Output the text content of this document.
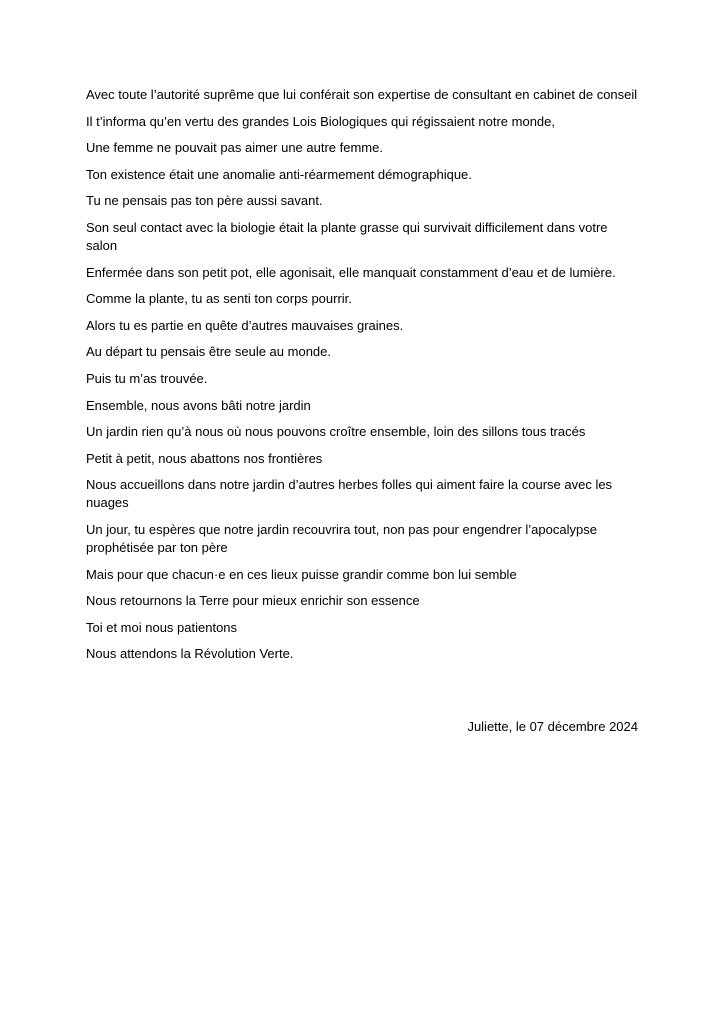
Avec toute l’autorité suprême que lui conférait son expertise de consultant en cabinet de conseil

Il t’informa qu’en vertu des grandes Lois Biologiques qui régissaient notre monde,

Une femme ne pouvait pas aimer une autre femme.

Ton existence était une anomalie anti-réarmement démographique.

Tu ne pensais pas ton père aussi savant.

Son seul contact avec la biologie était la plante grasse qui survivait difficilement dans votre salon

Enfermée dans son petit pot, elle agonisait, elle manquait constamment d’eau et de lumière.

Comme la plante, tu as senti ton corps pourrir.

Alors tu es partie en quête d’autres mauvaises graines.

Au départ tu pensais être seule au monde.

Puis tu m’as trouvée.

Ensemble, nous avons bâti notre jardin

Un jardin rien qu’à nous où nous pouvons croître ensemble, loin des sillons tous tracés

Petit à petit, nous abattons nos frontières

Nous accueillons dans notre jardin d’autres herbes folles qui aiment faire la course avec les nuages

Un jour, tu espères que notre jardin recouvrira tout, non pas pour engendrer l’apocalypse prophétisée par ton père

Mais pour que chacun·e en ces lieux puisse grandir comme bon lui semble

Nous retournons la Terre pour mieux enrichir son essence

Toi et moi nous patientons

Nous attendons la Révolution Verte.

Juliette, le 07 décembre 2024
